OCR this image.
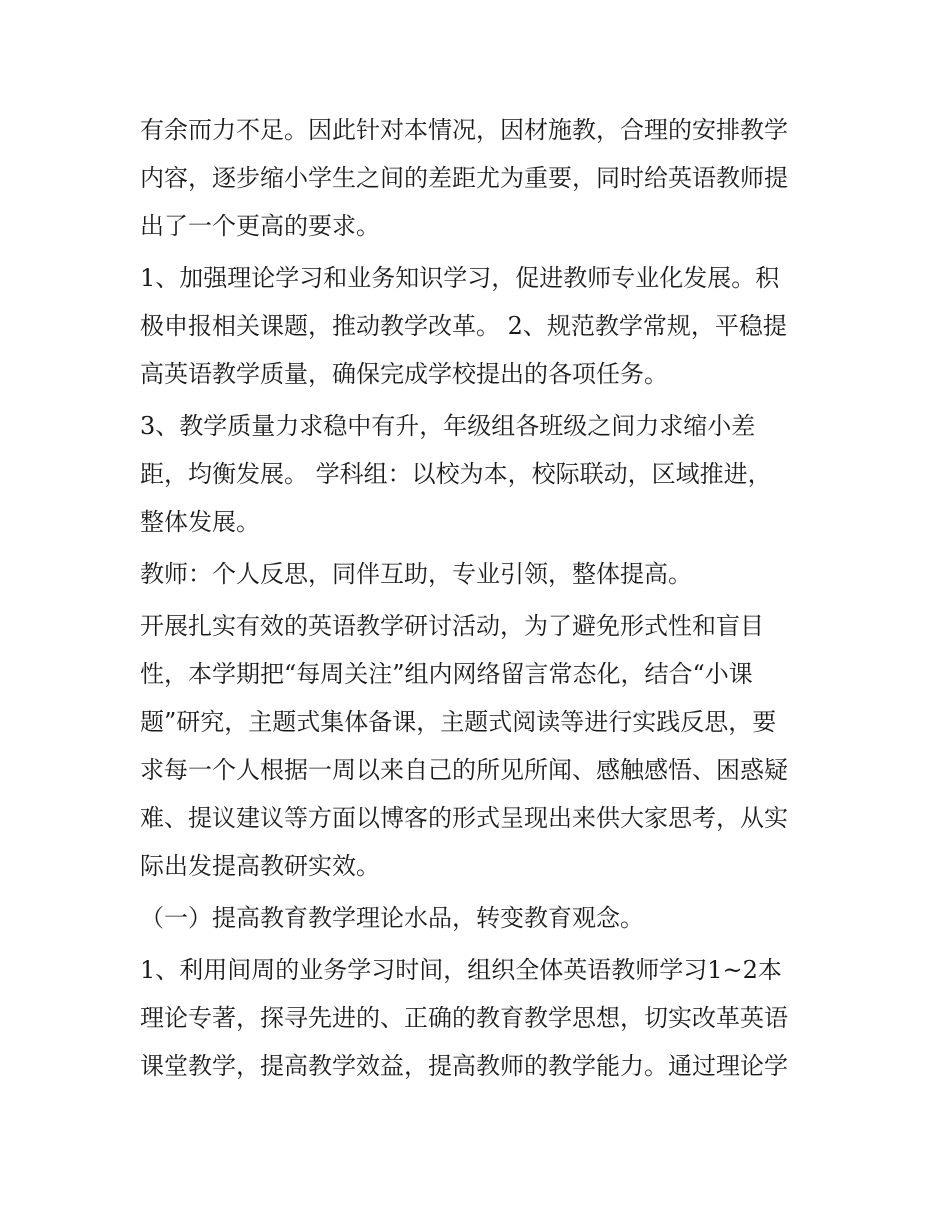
有余而力不足。因此针对本情况，因材施教，合理的安排教学

内容，逐步缩小学生之间的差距尤为重要，同时给英语教师提

出了一个更高的要求。

1、加强理论学习和业务知识学习，促进教师专业化发展。积

极申报相关课题，推动教学改革。 2、规范教学常规，平稳提

高英语教学质量，确保完成学校提出的各项任务。

3、教学质量力求稳中有升，年级组各班级之间力求缩小差

距，均衡发展。 学科组：以校为本，校际联动，区域推进，

整体发展。

教师：个人反思，同伴互助，专业引领，整体提高。

开展扎实有效的英语教学研讨活动，为了避免形式性和盲目

性，本学期把“每周关注”组内网络留言常态化，结合“小课

题”研究，主题式集体备课，主题式阅读等进行实践反思，要

求每一个人根据一周以来自己的所见所闻、感触感悟、困惑疑

难、提议建议等方面以博客的形式呈现出来供大家思考，从实

际出发提高教研实效。

（一）提高教育教学理论水品，转变教育观念。

1、利用间周的业务学习时间，组织全体英语教师学习1~2本

理论专著，探寻先进的、正确的教育教学思想，切实改革英语

课堂教学，提高教学效益，提高教师的教学能力。通过理论学
